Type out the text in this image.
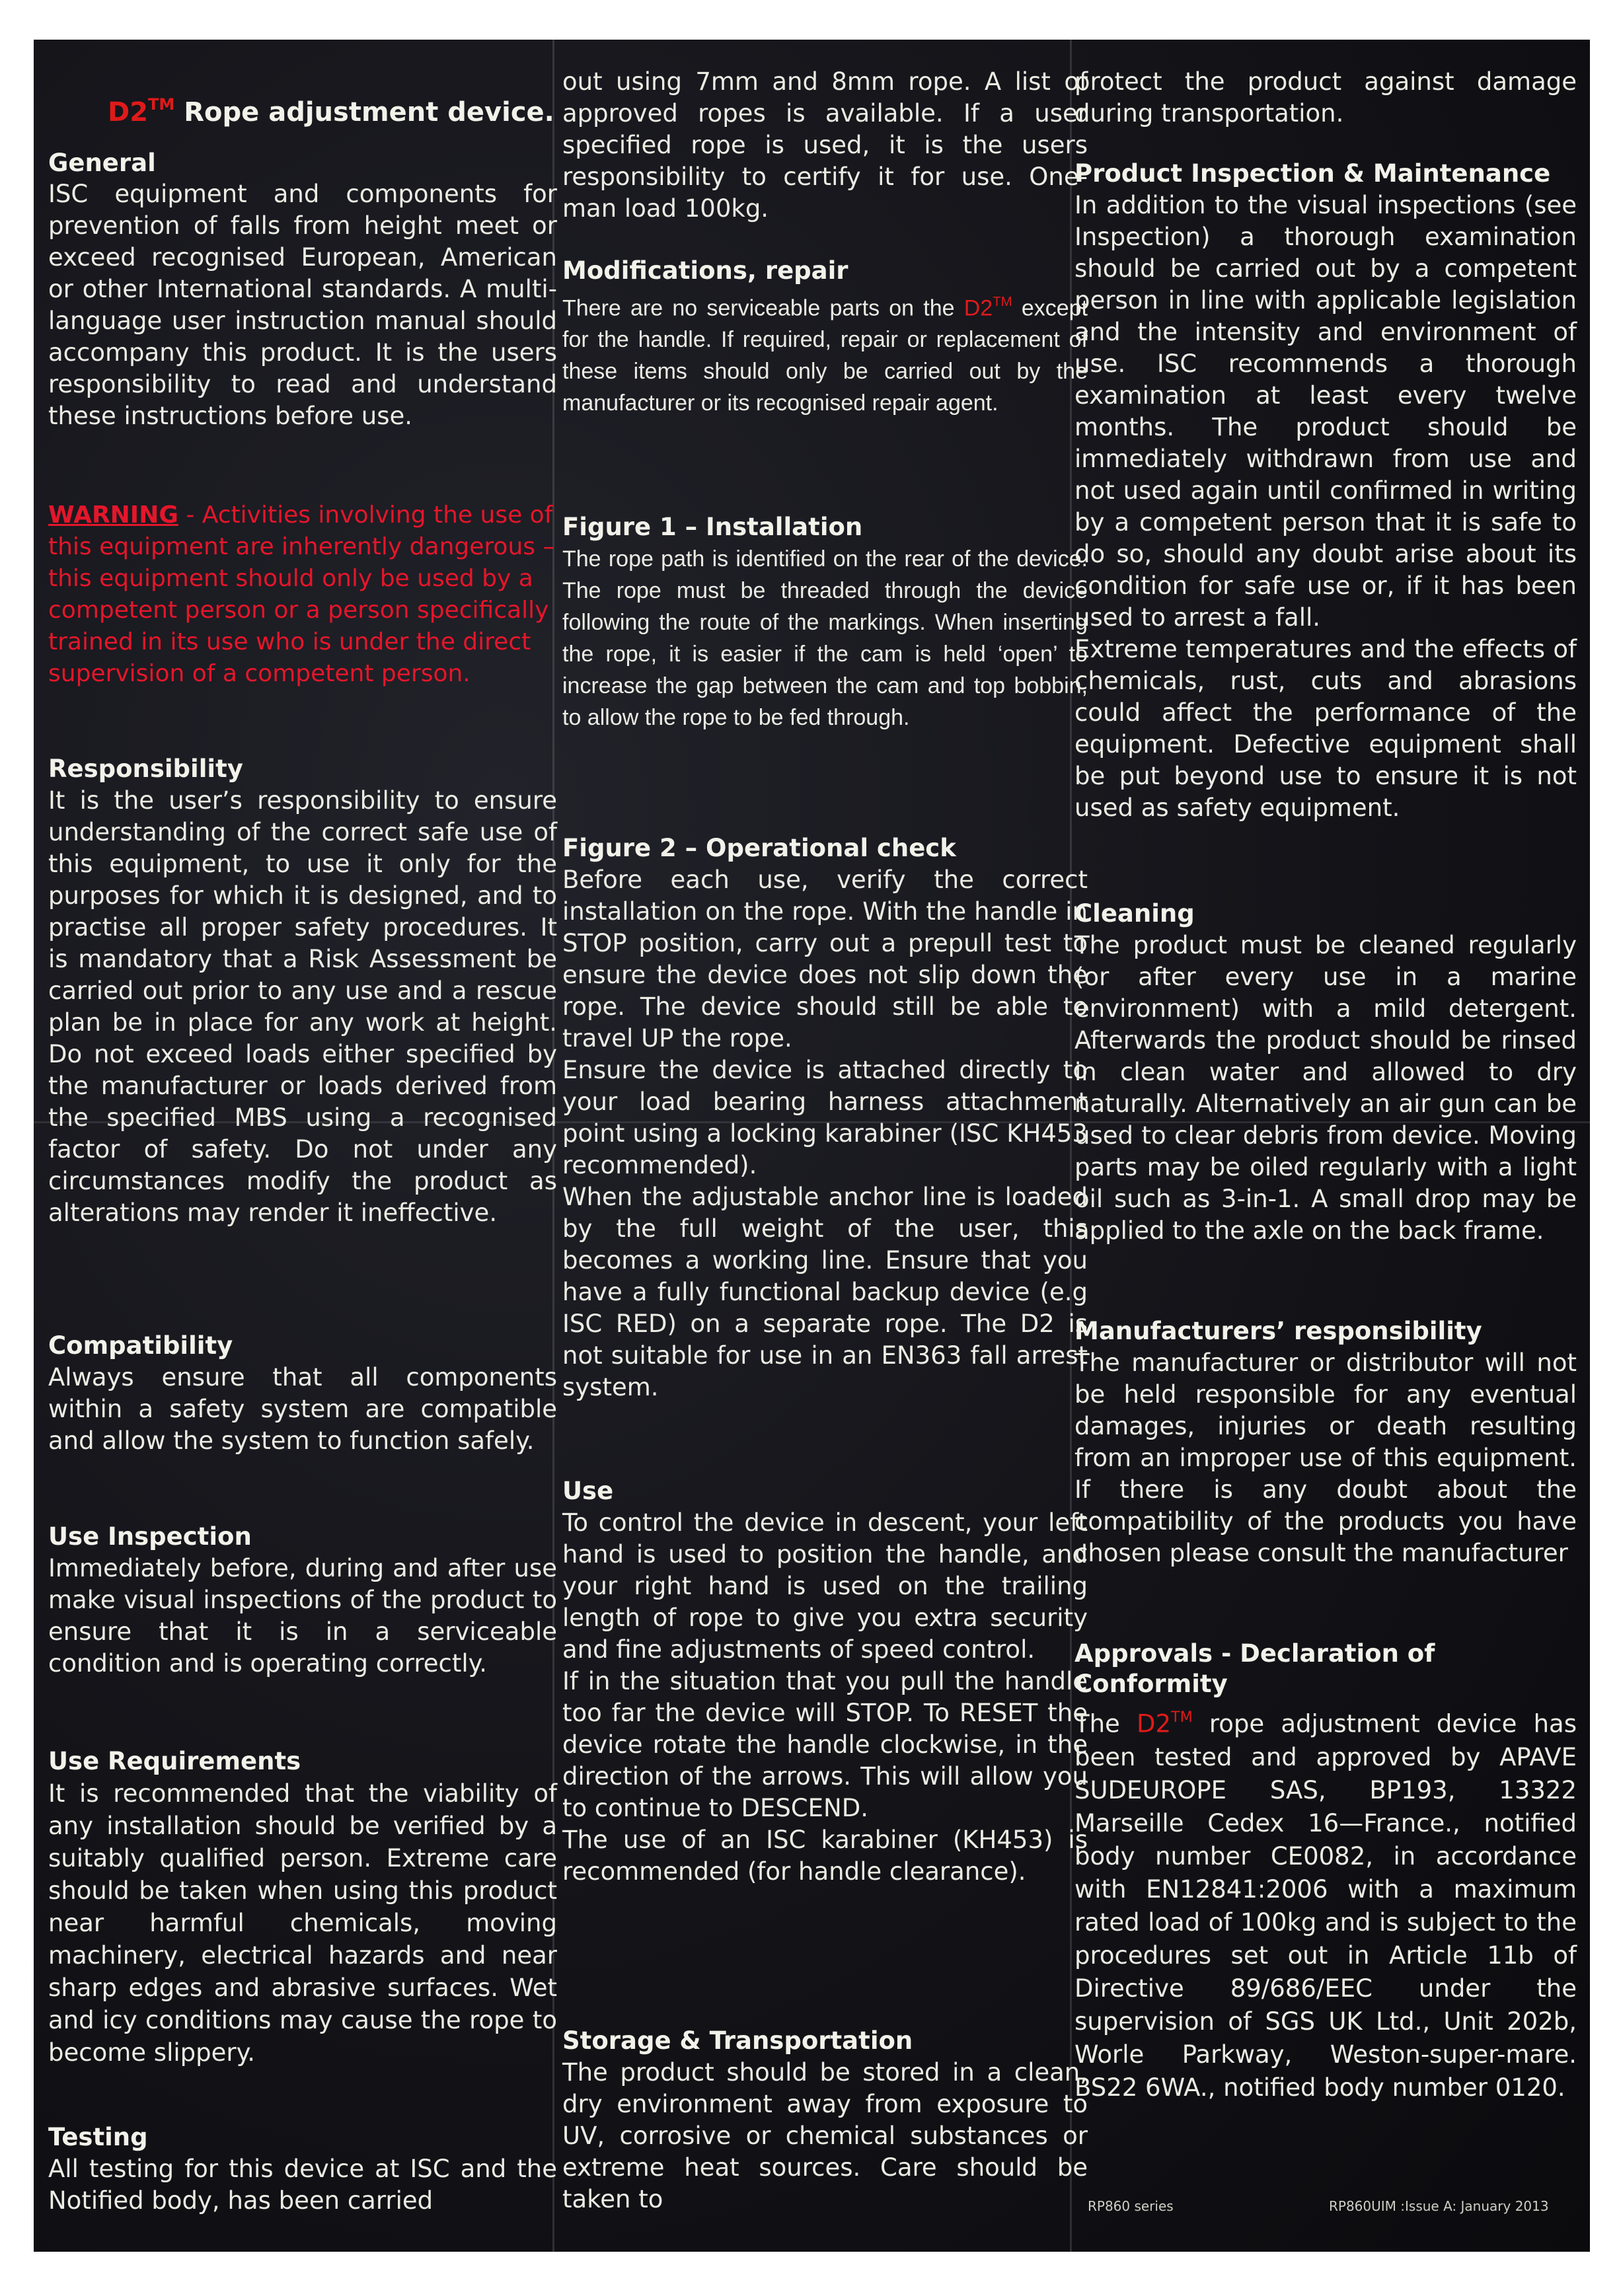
D2™ Rope adjustment device.
General

ISC equipment and components for prevention of falls from height meet or exceed recognised European, American or other International standards. A multi-language user instruction manual should accompany this product. It is the users responsibility to read and understand these instructions before use.

WARNING - Activities involving the use of this equipment are inherently dangerous – this equipment should only be used by a competent person or a person specifically trained in its use who is under the direct supervision of a competent person.

Responsibility

It is the user’s responsibility to ensure understanding of the correct safe use of this equipment, to use it only for the purposes for which it is designed, and to practise all proper safety procedures. It is mandatory that a Risk Assessment be carried out prior to any use and a rescue plan be in place for any work at height. Do not exceed loads either specified by the manufacturer or loads derived from the specified MBS using a recognised factor of safety. Do not under any circumstances modify the product as alterations may render it ineffective.

Compatibility

Always ensure that all components within a safety system are compatible and allow the system to function safely.

Use Inspection

Immediately before, during and after use make visual inspections of the product to ensure that it is in a serviceable condition and is operating correctly.

Use Requirements

It is recommended that the viability of any installation should be verified by a suitably qualified person. Extreme care should be taken when using this product near harmful chemicals, moving machinery, electrical hazards and near sharp edges and abrasive surfaces. Wet and icy conditions may cause the rope to become slippery.

Testing

All testing for this device at ISC and the Notified body, has been carried

out using 7mm and 8mm rope. A list of approved ropes is available. If a user specified rope is used, it is the users responsibility to certify it for use. One-man load 100kg.

Modifications, repair

There are no serviceable parts on the D2™ except for the handle. If required, repair or replacement of these items should only be carried out by the manufacturer or its recognised repair agent.

Figure 1 – Installation

The rope path is identified on the rear of the device. The rope must be threaded through the device following the route of the markings. When inserting the rope, it is easier if the cam is held ‘open’ to increase the gap between the cam and top bobbin, to allow the rope to be fed through.

Figure 2 – Operational check

Before each use, verify the correct installation on the rope. With the handle in STOP position, carry out a prepull test to ensure the device does not slip down the rope. The device should still be able to travel UP the rope.
Ensure the device is attached directly to your load bearing harness attachment point using a locking karabiner (ISC KH453 recommended).
When the adjustable anchor line is loaded by the full weight of the user, this becomes a working line. Ensure that you have a fully functional backup device (e.g ISC RED) on a separate rope. The D2 is not suitable for use in an EN363 fall arrest system.

Use

To control the device in descent, your left hand is used to position the handle, and your right hand is used on the trailing length of rope to give you extra security and fine adjustments of speed control.
If in the situation that you pull the handle too far the device will STOP. To RESET the device rotate the handle clockwise, in the direction of the arrows. This will allow you to continue to DESCEND.
The use of an ISC karabiner (KH453) is recommended (for handle clearance).

Storage & Transportation

The product should be stored in a clean, dry environment away from exposure to UV, corrosive or chemical substances or extreme heat sources. Care should be taken to

protect the product against damage during transportation.

Product Inspection & Maintenance

In addition to the visual inspections (see Inspection) a thorough examination should be carried out by a competent person in line with applicable legislation and the intensity and environment of use. ISC recommends a thorough examination at least every twelve months. The product should be immediately withdrawn from use and not used again until confirmed in writing by a competent person that it is safe to do so, should any doubt arise about its condition for safe use or, if it has been used to arrest a fall.
Extreme temperatures and the effects of chemicals, rust, cuts and abrasions could affect the performance of the equipment. Defective equipment shall be put beyond use to ensure it is not used as safety equipment.

Cleaning

The product must be cleaned regularly (or after every use in a marine environment) with a mild detergent. Afterwards the product should be rinsed in clean water and allowed to dry naturally. Alternatively an air gun can be used to clear debris from device. Moving parts may be oiled regularly with a light oil such as 3-in-1. A small drop may be applied to the axle on the back frame.

Manufacturers’ responsibility

The manufacturer or distributor will not be held responsible for any eventual damages, injuries or death resulting from an improper use of this equipment. If there is any doubt about the compatibility of the products you have chosen please consult the manufacturer

Approvals - Declaration of Conformity

The D2™ rope adjustment device has been tested and approved by APAVE SUDEUROPE SAS, BP193, 13322 Marseille Cedex 16—France., notified body number CE0082, in accordance with EN12841:2006 with a maximum rated load of 100kg and is subject to the procedures set out in Article 11b of Directive 89/686/EEC under the supervision of SGS UK Ltd., Unit 202b, Worle Parkway, Weston-super-mare. BS22 6WA., notified body number 0120.

RP860 series	RP860UIM :Issue A: January 2013
